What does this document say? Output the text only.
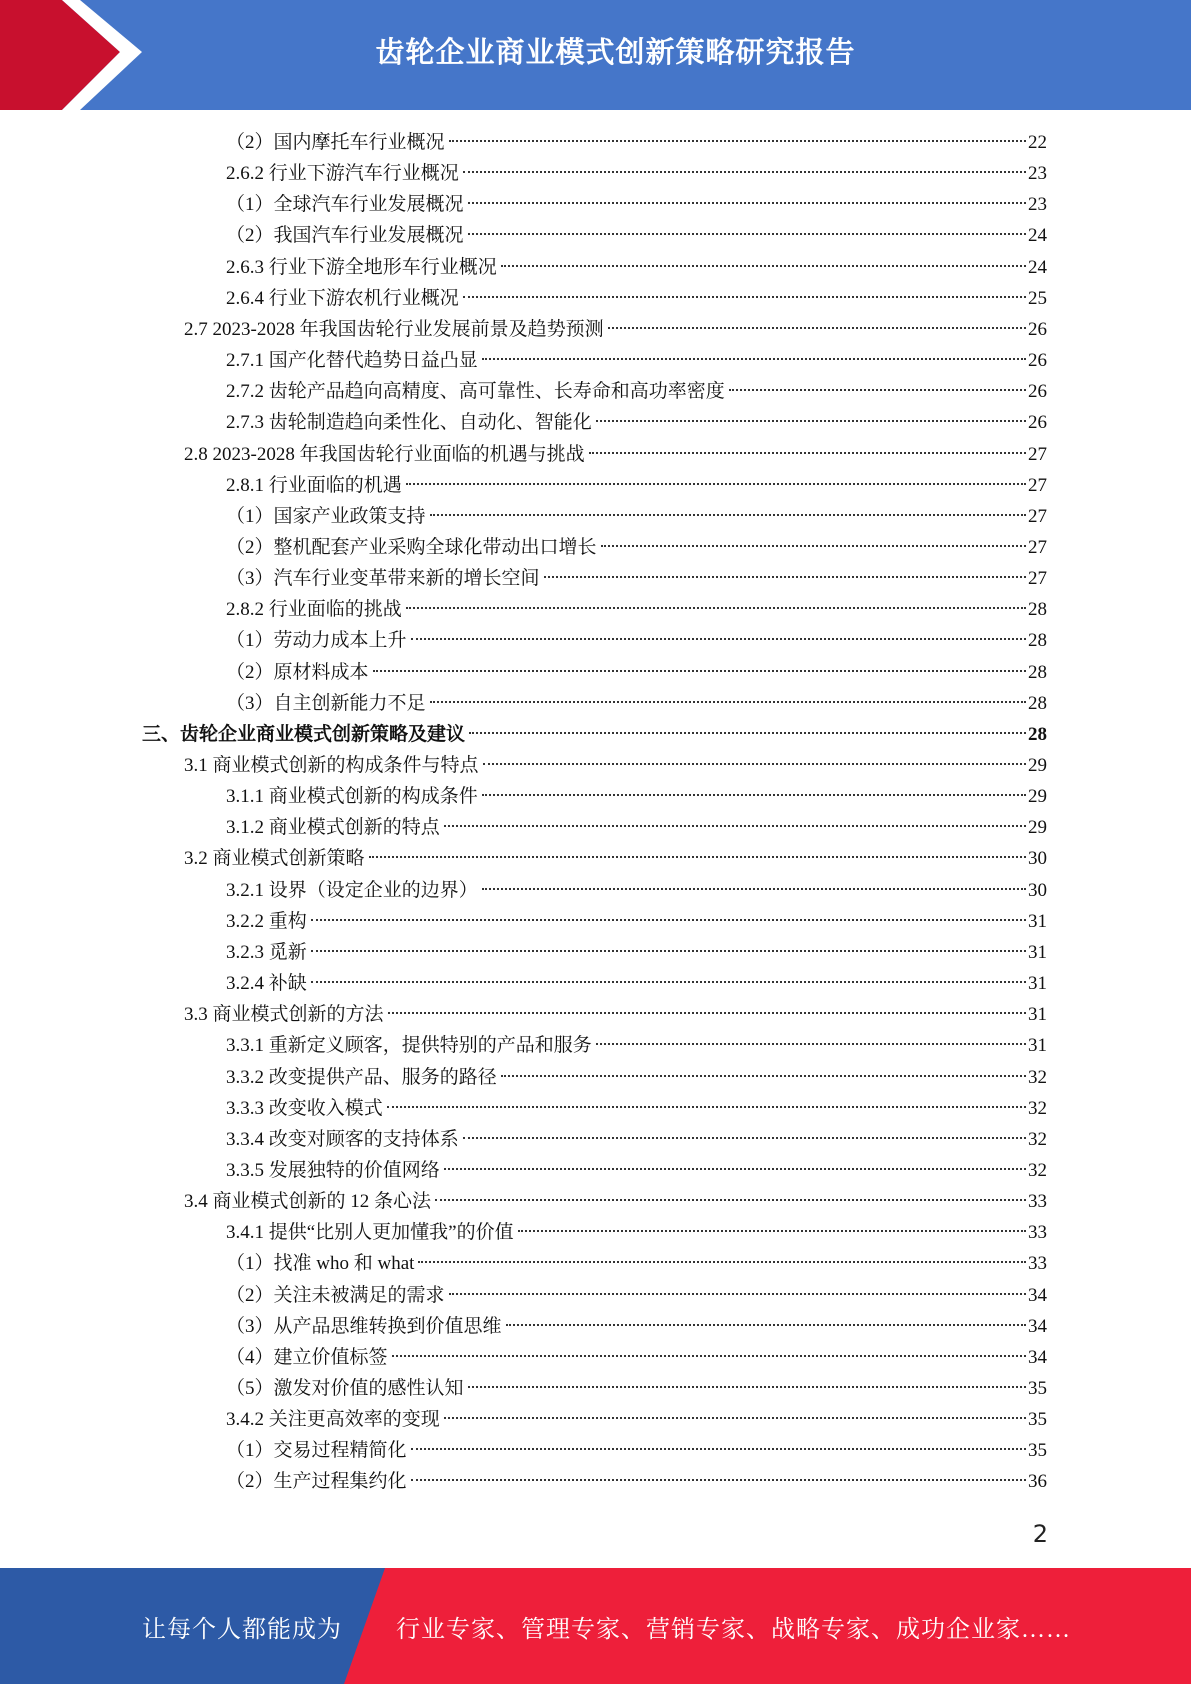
齿轮企业商业模式创新策略研究报告
（2）国内摩托车行业概况	22
2.6.2 行业下游汽车行业概况	23
（1）全球汽车行业发展概况	23
（2）我国汽车行业发展概况	24
2.6.3 行业下游全地形车行业概况	24
2.6.4 行业下游农机行业概况	25
2.7 2023-2028 年我国齿轮行业发展前景及趋势预测	26
2.7.1 国产化替代趋势日益凸显	26
2.7.2 齿轮产品趋向高精度、高可靠性、长寿命和高功率密度	26
2.7.3 齿轮制造趋向柔性化、自动化、智能化	26
2.8 2023-2028 年我国齿轮行业面临的机遇与挑战	27
2.8.1 行业面临的机遇	27
（1）国家产业政策支持	27
（2）整机配套产业采购全球化带动出口增长	27
（3）汽车行业变革带来新的增长空间	27
2.8.2 行业面临的挑战	28
（1）劳动力成本上升	28
（2）原材料成本	28
（3）自主创新能力不足	28
三、齿轮企业商业模式创新策略及建议	28
3.1 商业模式创新的构成条件与特点	29
3.1.1 商业模式创新的构成条件	29
3.1.2 商业模式创新的特点	29
3.2 商业模式创新策略	30
3.2.1 设界（设定企业的边界）	30
3.2.2 重构	31
3.2.3 觅新	31
3.2.4 补缺	31
3.3 商业模式创新的方法	31
3.3.1 重新定义顾客，提供特别的产品和服务	31
3.3.2 改变提供产品、服务的路径	32
3.3.3 改变收入模式	32
3.3.4 改变对顾客的支持体系	32
3.3.5 发展独特的价值网络	32
3.4 商业模式创新的 12 条心法	33
3.4.1 提供“比别人更加懂我”的价值	33
（1）找准 who 和 what	33
（2）关注未被满足的需求	34
（3）从产品思维转换到价值思维	34
（4）建立价值标签	34
（5）激发对价值的感性认知	35
3.4.2 关注更高效率的变现	35
（1）交易过程精简化	35
（2）生产过程集约化	36
2
让每个人都能成为 行业专家、管理专家、营销专家、战略专家、成功企业家……
